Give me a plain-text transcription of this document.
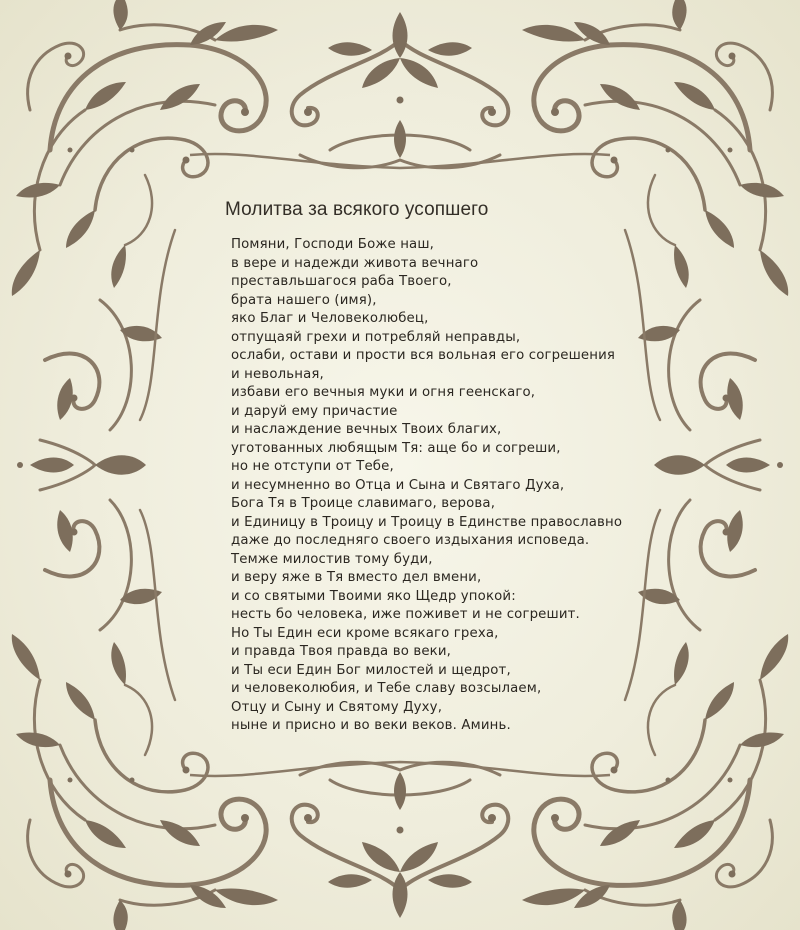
Молитва за всякого усопшего
Помяни, Господи Боже наш,
в вере и надежди живота вечнаго
преставльшагося раба Твоего,
брата нашего (имя),
яко Благ и Человеколюбец,
отпущаяй грехи и потребляй неправды,
ослаби, остави и прости вся вольная его согрешения
и невольная,
избави его вечныя муки и огня геенскаго,
и даруй ему причастие
и наслаждение вечных Твоих благих,
уготованных любящым Тя: аще бо и согреши,
но не отступи от Тебе,
и несумненно во Отца и Сына и Святаго Духа,
Бога Тя в Троице славимаго, верова,
и Единицу в Троицу и Троицу в Единстве православно
даже до последняго своего издыхания исповеда.
Темже милостив тому буди,
и веру яже в Тя вместо дел вмени,
и со святыми Твоими яко Щедр упокой:
несть бо человека, иже поживет и не согрешит.
Но Ты Един еси кроме всякаго греха,
и правда Твоя правда во веки,
и Ты еси Един Бог милостей и щедрот,
и человеколюбия, и Тебе славу возсылаем,
Отцу и Сыну и Святому Духу,
ныне и присно и во веки веков. Аминь.
